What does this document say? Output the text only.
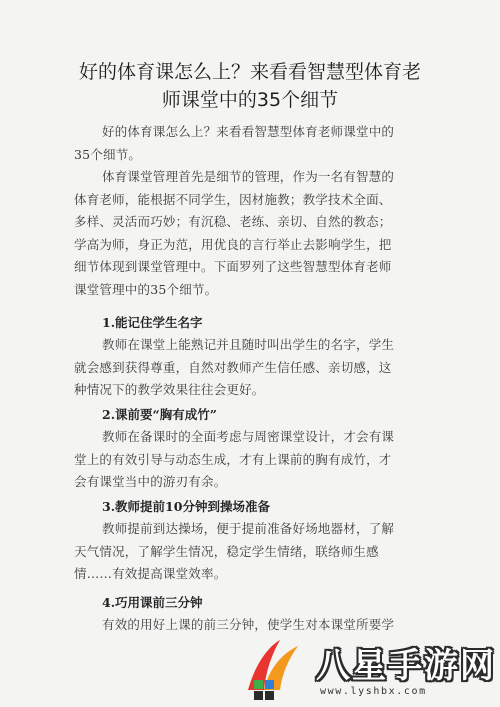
好的体育课怎么上？来看看智慧型体育老
师课堂中的35个细节
好的体育课怎么上？来看看智慧型体育老师课堂中的
35个细节。
体育课堂管理首先是细节的管理，作为一名有智慧的
体育老师，能根据不同学生，因材施教；教学技术全面、
多样、灵活而巧妙；有沉稳、老练、亲切、自然的教态；
学高为师，身正为范，用优良的言行举止去影响学生，把
细节体现到课堂管理中。下面罗列了这些智慧型体育老师
课堂管理中的35个细节。
1.能记住学生名字
教师在课堂上能熟记并且随时叫出学生的名字，学生
就会感到获得尊重，自然对教师产生信任感、亲切感，这
种情况下的教学效果往往会更好。
2.课前要“胸有成竹”
教师在备课时的全面考虑与周密课堂设计，才会有课
堂上的有效引导与动态生成，才有上课前的胸有成竹，才
会有课堂当中的游刃有余。
3.教师提前10分钟到操场准备
教师提前到达操场，便于提前准备好场地器材，了解
天气情况，了解学生情况，稳定学生情绪，联络师生感
情……有效提高课堂效率。
4.巧用课前三分钟
有效的用好上课的前三分钟，使学生对本课堂所要学
八星手游网
www.lyshbx.com
